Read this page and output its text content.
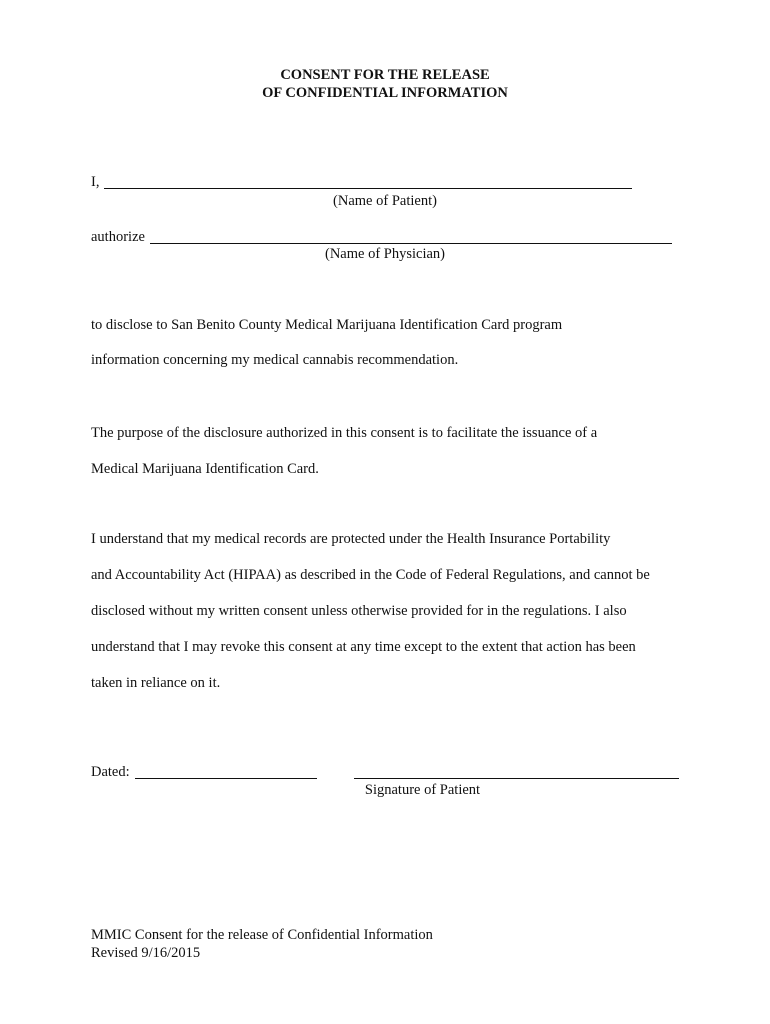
CONSENT FOR THE RELEASE
OF CONFIDENTIAL INFORMATION
I,
(Name of Patient)
authorize
(Name of Physician)
to disclose to San Benito County Medical Marijuana Identification Card program
information concerning my medical cannabis recommendation.
The purpose of the disclosure authorized in this consent is to facilitate the issuance of a
Medical Marijuana Identification Card.
I understand that my medical records are protected under the Health Insurance Portability
and Accountability Act (HIPAA) as described in the Code of Federal Regulations, and cannot be
disclosed without my written consent unless otherwise provided for in the regulations. I also
understand that I may revoke this consent at any time except to the extent that action has been
taken in reliance on it.
Dated:
Signature of Patient
MMIC Consent for the release of Confidential Information
Revised 9/16/2015
